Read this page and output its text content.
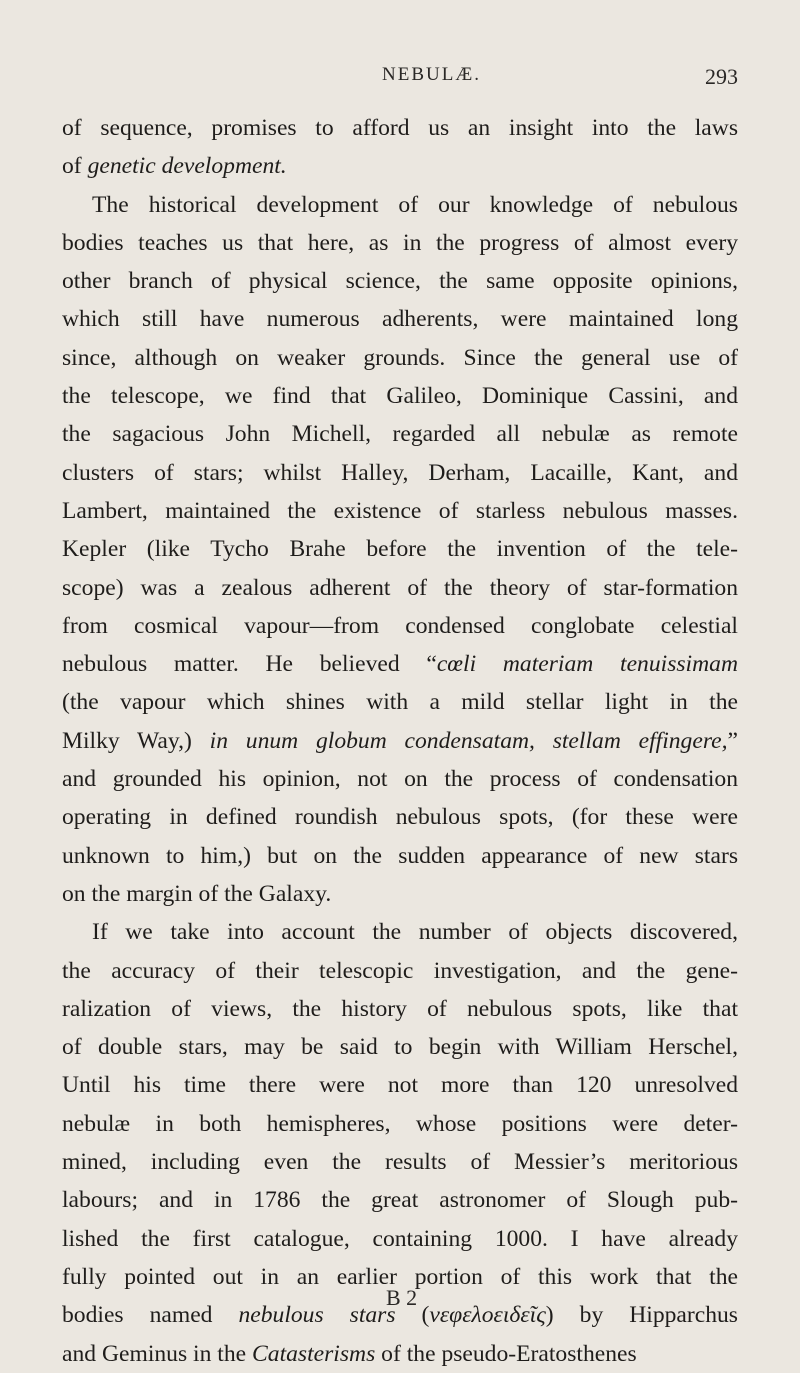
NEBULÆ.	293
of sequence, promises to afford us an insight into the laws
of genetic development.
The historical development of our knowledge of nebulous
bodies teaches us that here, as in the progress of almost every
other branch of physical science, the same opposite opinions,
which still have numerous adherents, were maintained long
since, although on weaker grounds. Since the general use of
the telescope, we find that Galileo, Dominique Cassini, and
the sagacious John Michell, regarded all nebulæ as remote
clusters of stars; whilst Halley, Derham, Lacaille, Kant, and
Lambert, maintained the existence of starless nebulous masses.
Kepler (like Tycho Brahe before the invention of the tele-
scope) was a zealous adherent of the theory of star-formation
from cosmical vapour—from condensed conglobate celestial
nebulous matter. He believed “cœli materiam tenuissimam
(the vapour which shines with a mild stellar light in the
Milky Way,) in unum globum condensatam, stellam effingere,”
and grounded his opinion, not on the process of condensation
operating in defined roundish nebulous spots, (for these were
unknown to him,) but on the sudden appearance of new stars
on the margin of the Galaxy.
If we take into account the number of objects discovered,
the accuracy of their telescopic investigation, and the gene-
ralization of views, the history of nebulous spots, like that
of double stars, may be said to begin with William Herschel,
Until his time there were not more than 120 unresolved
nebulæ in both hemispheres, whose positions were deter-
mined, including even the results of Messier’s meritorious
labours; and in 1786 the great astronomer of Slough pub-
lished the first catalogue, containing 1000. I have already
fully pointed out in an earlier portion of this work that the
bodies named nebulous stars (νεφελοειδεῖς) by Hipparchus
and Geminus in the Catasterisms of the pseudo-Eratosthenes
B 2
